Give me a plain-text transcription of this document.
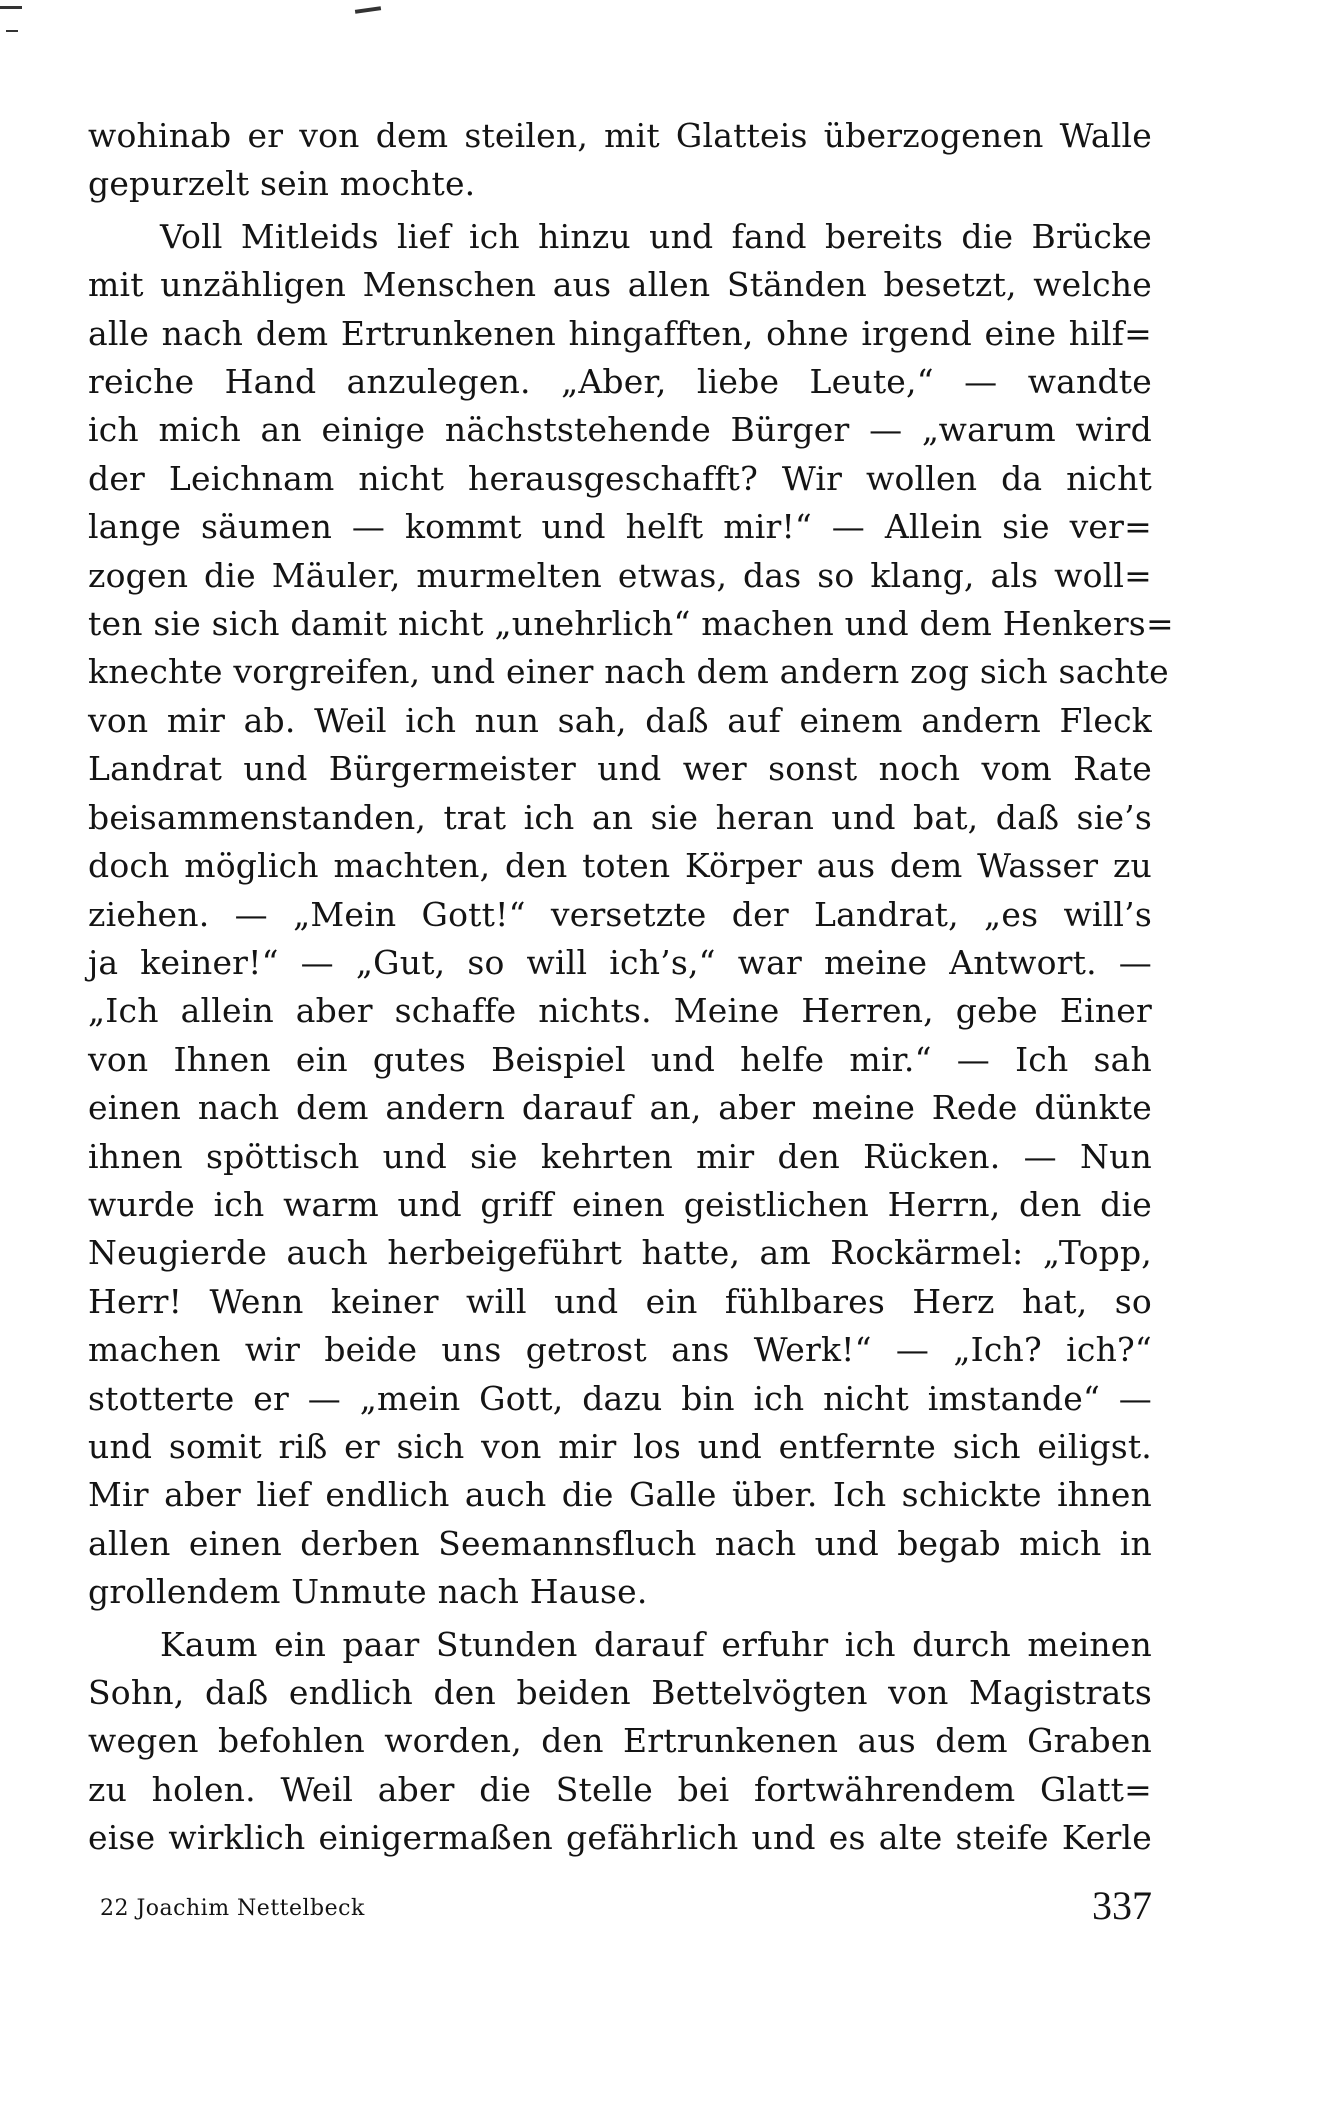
wohinab er von dem steilen, mit Glatteis überzogenen Walle
gepurzelt sein mochte.

Voll Mitleids lief ich hinzu und fand bereits die Brücke
mit unzähligen Menschen aus allen Ständen besetzt, welche
alle nach dem Ertrunkenen hingafften, ohne irgend eine hilf=
reiche Hand anzulegen. „Aber, liebe Leute,“ — wandte
ich mich an einige nächststehende Bürger — „warum wird
der Leichnam nicht herausgeschafft? Wir wollen da nicht
lange säumen — kommt und helft mir!“ — Allein sie ver=
zogen die Mäuler, murmelten etwas, das so klang, als woll=
ten sie sich damit nicht „unehrlich“ machen und dem Henkers=
knechte vorgreifen, und einer nach dem andern zog sich sachte
von mir ab. Weil ich nun sah, daß auf einem andern Fleck
Landrat und Bürgermeister und wer sonst noch vom Rate
beisammenstanden, trat ich an sie heran und bat, daß sie’s
doch möglich machten, den toten Körper aus dem Wasser zu
ziehen. — „Mein Gott!“ versetzte der Landrat, „es will’s
ja keiner!“ — „Gut, so will ich’s,“ war meine Antwort. —
„Ich allein aber schaffe nichts. Meine Herren, gebe Einer
von Ihnen ein gutes Beispiel und helfe mir.“ — Ich sah
einen nach dem andern darauf an, aber meine Rede dünkte
ihnen spöttisch und sie kehrten mir den Rücken. — Nun
wurde ich warm und griff einen geistlichen Herrn, den die
Neugierde auch herbeigeführt hatte, am Rockärmel: „Topp,
Herr! Wenn keiner will und ein fühlbares Herz hat, so
machen wir beide uns getrost ans Werk!“ — „Ich? ich?“
stotterte er — „mein Gott, dazu bin ich nicht imstande“ —
und somit riß er sich von mir los und entfernte sich eiligst.
Mir aber lief endlich auch die Galle über. Ich schickte ihnen
allen einen derben Seemannsfluch nach und begab mich in
grollendem Unmute nach Hause.

Kaum ein paar Stunden darauf erfuhr ich durch meinen
Sohn, daß endlich den beiden Bettelvögten von Magistrats
wegen befohlen worden, den Ertrunkenen aus dem Graben
zu holen. Weil aber die Stelle bei fortwährendem Glatt=
eise wirklich einigermaßen gefährlich und es alte steife Kerle

22 Joachim Nettelbeck	337
